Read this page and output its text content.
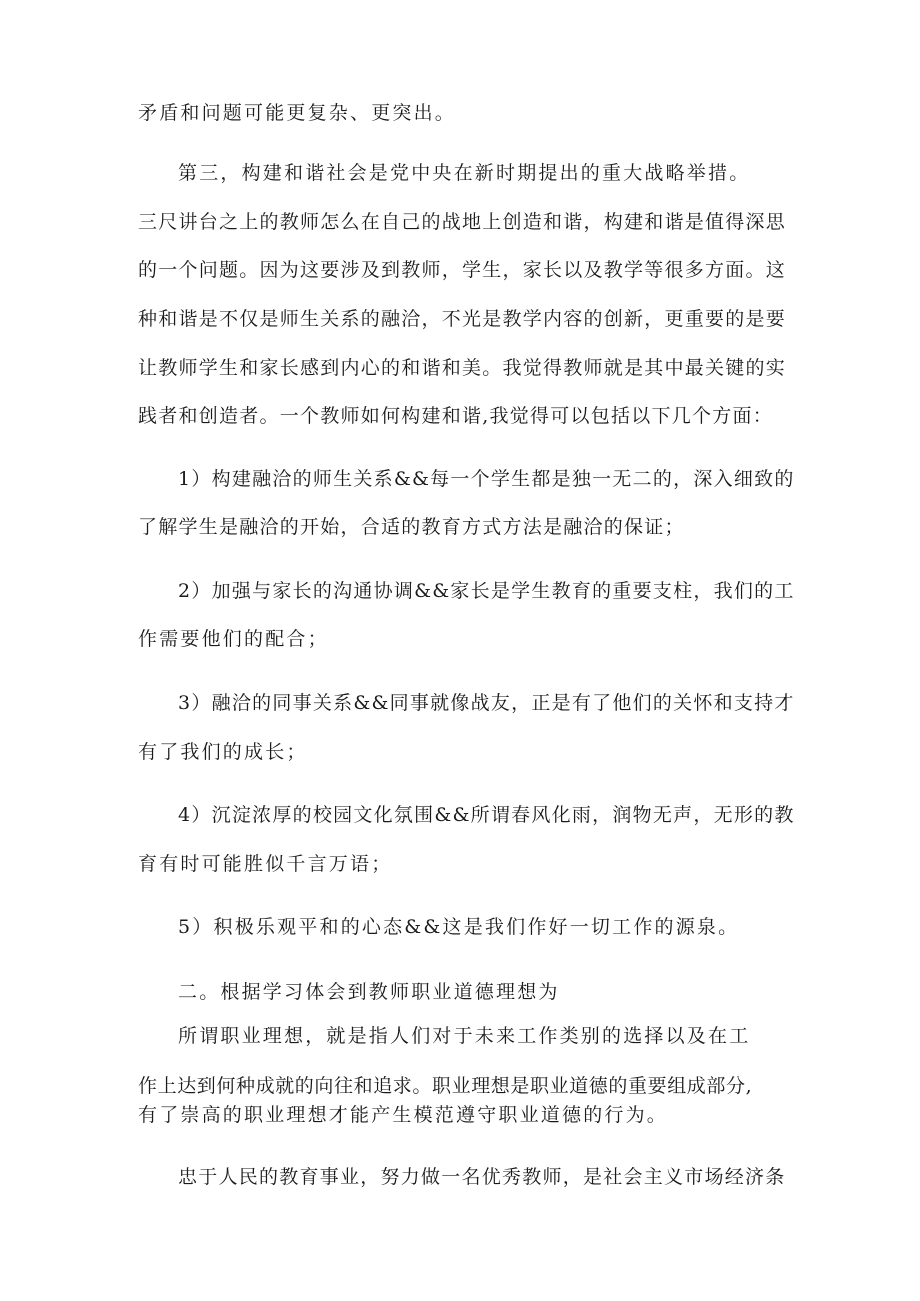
矛盾和问题可能更复杂、更突出。
第三，构建和谐社会是党中央在新时期提出的重大战略举措。
三尺讲台之上的教师怎么在自己的战地上创造和谐，构建和谐是值得深思
的一个问题。因为这要涉及到教师，学生，家长以及教学等很多方面。这
种和谐是不仅是师生关系的融洽，不光是教学内容的创新，更重要的是要
让教师学生和家长感到内心的和谐和美。我觉得教师就是其中最关键的实
践者和创造者。一个教师如何构建和谐,我觉得可以包括以下几个方面：
1）构建融洽的师生关系&&每一个学生都是独一无二的，深入细致的
了解学生是融洽的开始，合适的教育方式方法是融洽的保证；
2）加强与家长的沟通协调&&家长是学生教育的重要支柱，我们的工
作需要他们的配合；
3）融洽的同事关系&&同事就像战友，正是有了他们的关怀和支持才
有了我们的成长；
4）沉淀浓厚的校园文化氛围&&所谓春风化雨，润物无声，无形的教
育有时可能胜似千言万语；
5）积极乐观平和的心态&&这是我们作好一切工作的源泉。
二。根据学习体会到教师职业道德理想为
所谓职业理想，就是指人们对于未来工作类别的选择以及在工
作上达到何种成就的向往和追求。职业理想是职业道德的重要组成部分,
有了崇高的职业理想才能产生模范遵守职业道德的行为。
忠于人民的教育事业，努力做一名优秀教师，是社会主义市场经济条
